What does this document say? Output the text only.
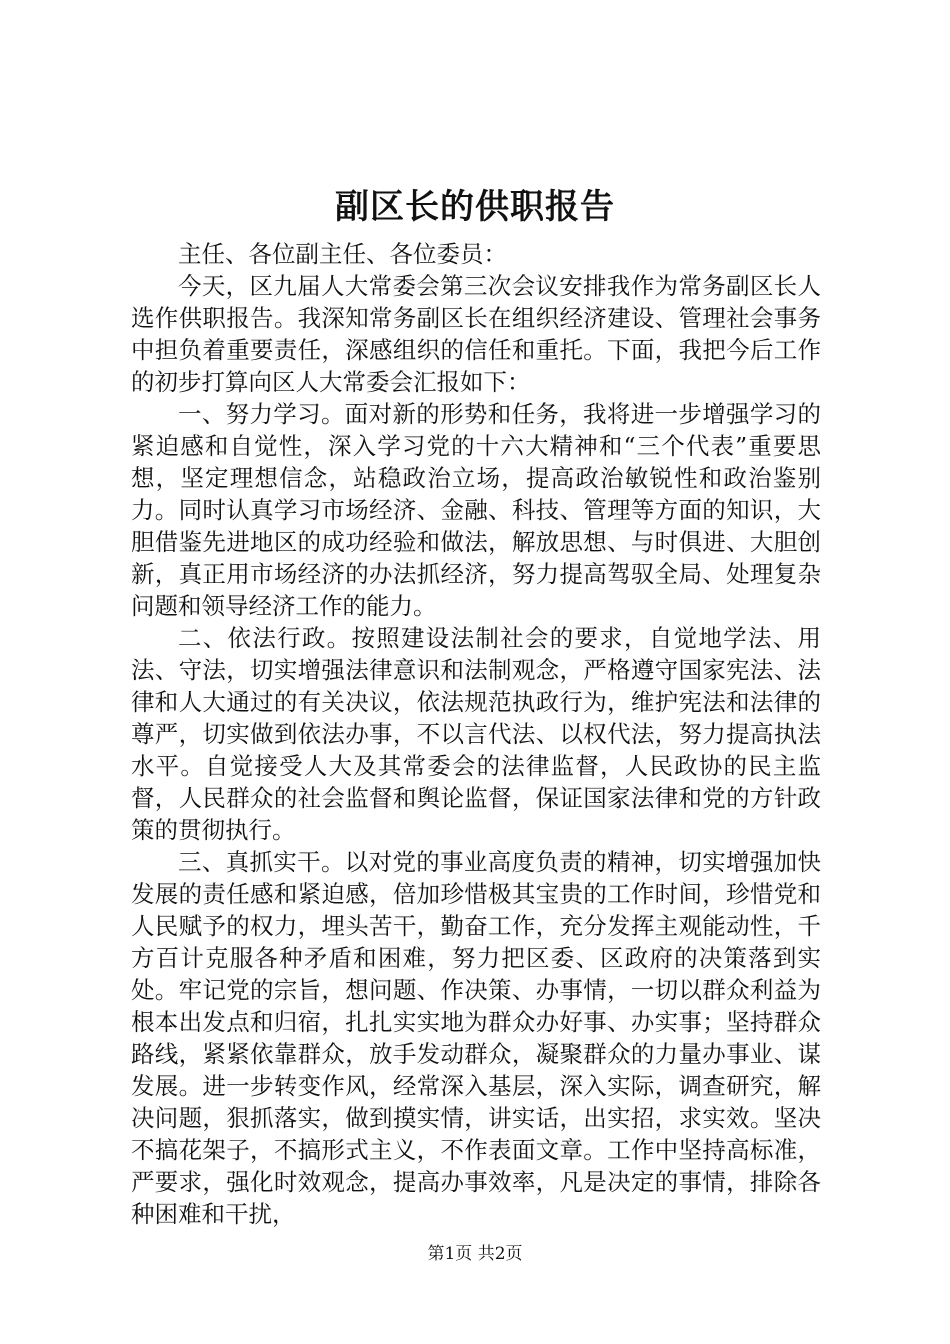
副区长的供职报告

主任、各位副主任、各位委员：

今天，区九届人大常委会第三次会议安排我作为常务副区长人选作供职报告。我深知常务副区长在组织经济建设、管理社会事务中担负着重要责任，深感组织的信任和重托。下面，我把今后工作的初步打算向区人大常委会汇报如下：

一、努力学习。面对新的形势和任务，我将进一步增强学习的紧迫感和自觉性，深入学习党的十六大精神和“三个代表”重要思想，坚定理想信念，站稳政治立场，提高政治敏锐性和政治鉴别力。同时认真学习市场经济、金融、科技、管理等方面的知识，大胆借鉴先进地区的成功经验和做法，解放思想、与时俱进、大胆创新，真正用市场经济的办法抓经济，努力提高驾驭全局、处理复杂问题和领导经济工作的能力。

二、依法行政。按照建设法制社会的要求，自觉地学法、用法、守法，切实增强法律意识和法制观念，严格遵守国家宪法、法律和人大通过的有关决议，依法规范执政行为，维护宪法和法律的尊严，切实做到依法办事，不以言代法、以权代法，努力提高执法水平。自觉接受人大及其常委会的法律监督，人民政协的民主监督，人民群众的社会监督和舆论监督，保证国家法律和党的方针政策的贯彻执行。

三、真抓实干。以对党的事业高度负责的精神，切实增强加快发展的责任感和紧迫感，倍加珍惜极其宝贵的工作时间，珍惜党和人民赋予的权力，埋头苦干，勤奋工作，充分发挥主观能动性，千方百计克服各种矛盾和困难，努力把区委、区政府的决策落到实处。牢记党的宗旨，想问题、作决策、办事情，一切以群众利益为根本出发点和归宿，扎扎实实地为群众办好事、办实事；坚持群众路线，紧紧依靠群众，放手发动群众，凝聚群众的力量办事业、谋发展。进一步转变作风，经常深入基层，深入实际，调查研究，解决问题，狠抓落实，做到摸实情，讲实话，出实招，求实效。坚决不搞花架子，不搞形式主义，不作表面文章。工作中坚持高标准，严要求，强化时效观念，提高办事效率，凡是决定的事情，排除各种困难和干扰，

第1页 共2页
